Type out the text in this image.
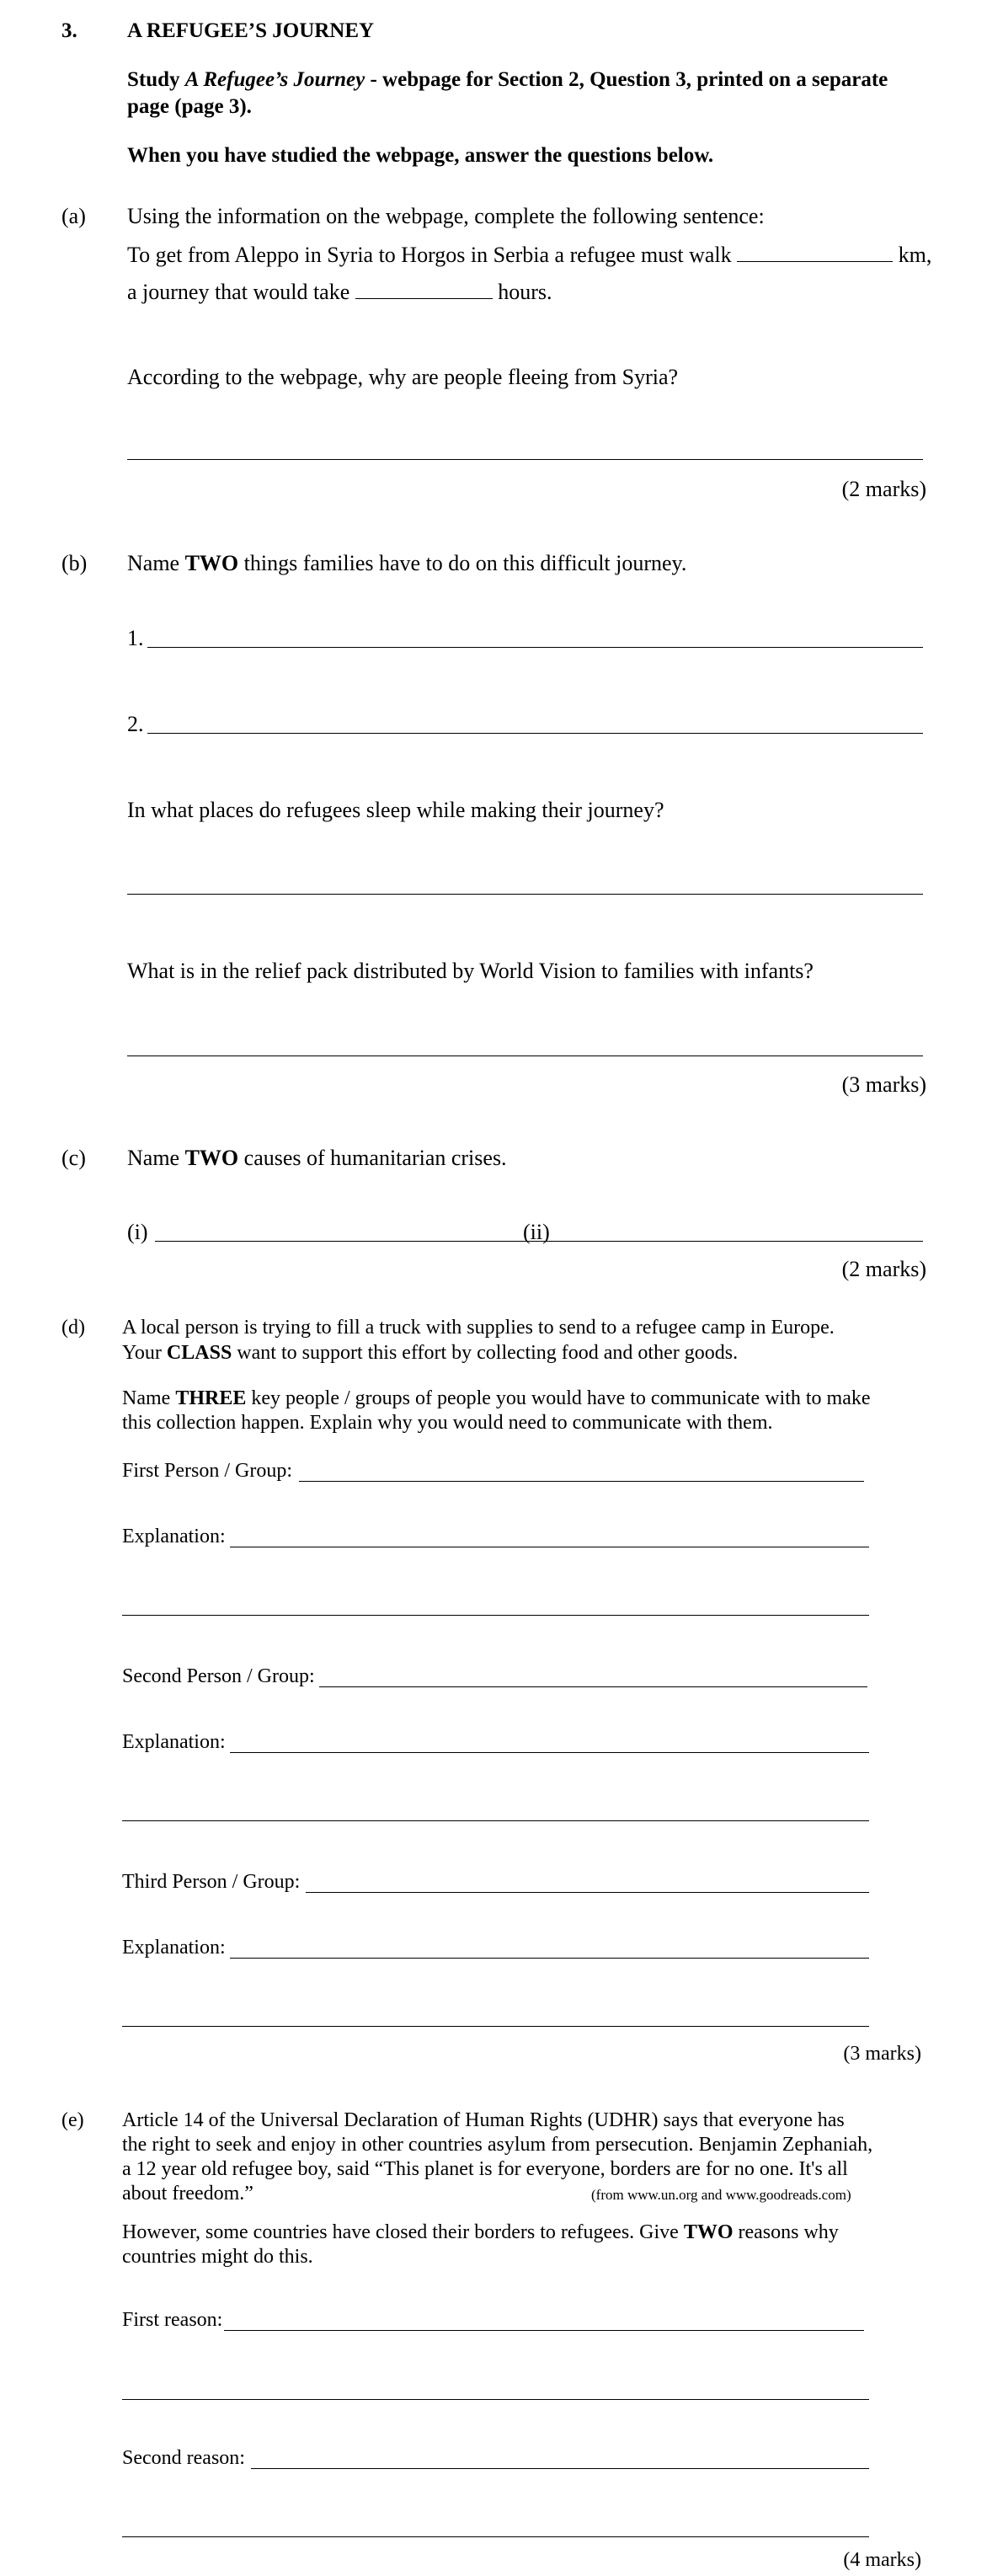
3. A REFUGEE’S JOURNEY
Study A Refugee’s Journey - webpage for Section 2, Question 3, printed on a separate
page (page 3).
When you have studied the webpage, answer the questions below.
(a) Using the information on the webpage, complete the following sentence:
To get from Aleppo in Syria to Horgos in Serbia a refugee must walk	km,
a journey that would take	hours.
According to the webpage, why are people fleeing from Syria?
(2 marks)
(b) Name TWO things families have to do on this difficult journey.
1.
2.
In what places do refugees sleep while making their journey?
What is in the relief pack distributed by World Vision to families with infants?
(3 marks)
(c) Name TWO causes of humanitarian crises.
(i)	(ii)
(2 marks)
(d) A local person is trying to fill a truck with supplies to send to a refugee camp in Europe.
Your CLASS want to support this effort by collecting food and other goods.
Name THREE key people / groups of people you would have to communicate with to make
this collection happen. Explain why you would need to communicate with them.
First Person / Group:
Explanation:
Second Person / Group:
Explanation:
Third Person / Group:
Explanation:
(3 marks)
(e) Article 14 of the Universal Declaration of Human Rights (UDHR) says that everyone has
the right to seek and enjoy in other countries asylum from persecution. Benjamin Zephaniah,
a 12 year old refugee boy, said “This planet is for everyone, borders are for no one. It's all
about freedom.”	(from www.un.org and www.goodreads.com)
However, some countries have closed their borders to refugees. Give TWO reasons why
countries might do this.
First reason:
Second reason:
(4 marks)
